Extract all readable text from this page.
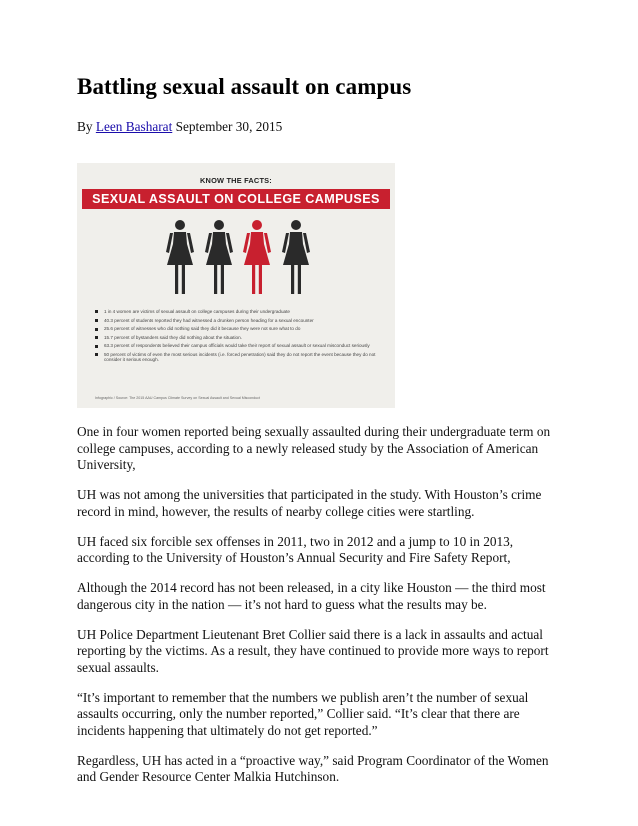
Battling sexual assault on campus
By Leen Basharat September 30, 2015
KNOW THE FACTS:
SEXUAL ASSAULT ON COLLEGE CAMPUSES
1 in 4 women are victims of sexual assault on college campuses during their undergraduate
40.3 percent of students reported they had witnessed a drunken person heading for a sexual encounter
25.6 percent of witnesses who did nothing said they did it because they were not sure what to do
15.7 percent of bystanders said they did nothing about the situation.
63.3 percent of respondents believed their campus officials would take their report of sexual assault or sexual misconduct seriously
50 percent of victims of even the most serious incidents (i.e. forced penetration) said they do not report the event because they do not consider it serious enough.
Infographic / Source: The 2015 AAU Campus Climate Survey on Sexual Assault and Sexual Misconduct

One in four women reported being sexually assaulted during their undergraduate term on college campuses, according to a newly released study by the Association of American University,

UH was not among the universities that participated in the study. With Houston’s crime record in mind, however, the results of nearby college cities were startling.

UH faced six forcible sex offenses in 2011, two in 2012 and a jump to 10 in 2013, according to the University of Houston’s Annual Security and Fire Safety Report,

Although the 2014 record has not been released, in a city like Houston — the third most dangerous city in the nation — it’s not hard to guess what the results may be.

UH Police Department Lieutenant Bret Collier said there is a lack in assaults and actual reporting by the victims. As a result, they have continued to provide more ways to report sexual assaults.

“It’s important to remember that the numbers we publish aren’t the number of sexual assaults occurring, only the number reported,” Collier said. “It’s clear that there are incidents happening that ultimately do not get reported.”

Regardless, UH has acted in a “proactive way,” said Program Coordinator of the Women and Gender Resource Center Malkia Hutchinson.
